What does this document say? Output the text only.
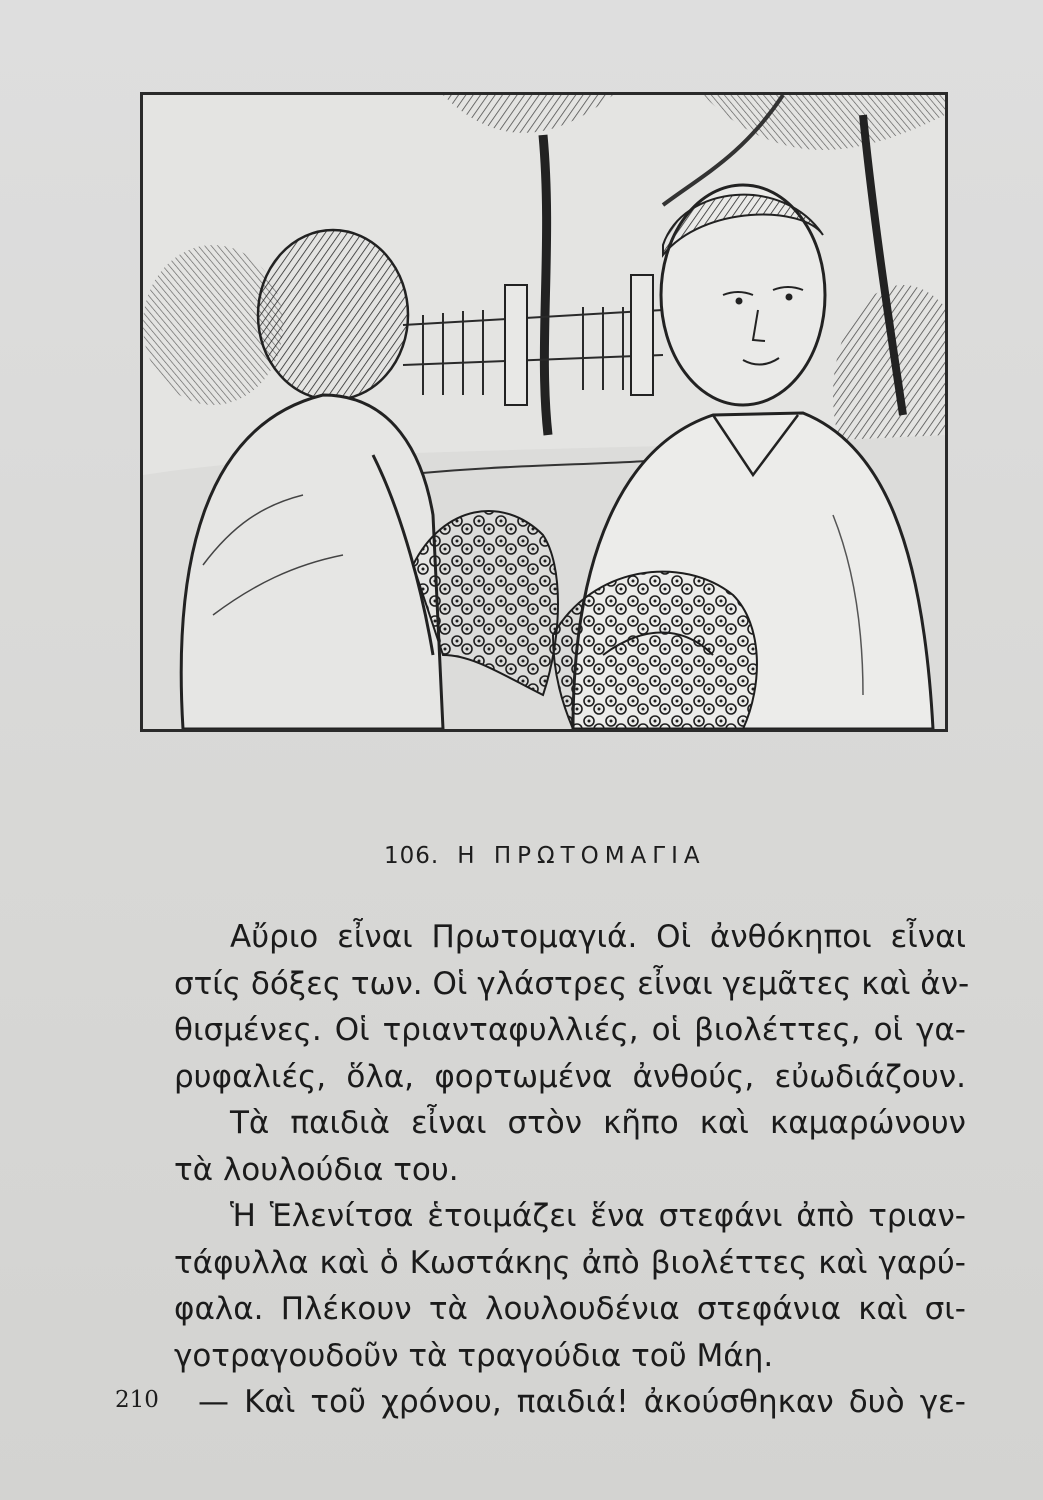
106. Η ΠΡΩΤΟΜΑΓΙΑ
Αὔριο εἶναι Πρωτομαγιά. Οἱ ἀνθόκηποι εἶναι
στίς δόξες των. Οἱ γλάστρες εἶναι γεμᾶτες καὶ ἀν-
θισμένες. Οἱ τριανταφυλλιές, οἱ βιολέττες, οἱ γα-
ρυφαλιές, ὅλα, φορτωμένα ἀνθούς, εὐωδιάζουν.
Τὰ παιδιὰ εἶναι στὸν κῆπο καὶ καμαρώνουν
τὰ λουλούδια του.
Ἡ Ἑλενίτσα ἑτοιμάζει ἕνα στεφάνι ἀπὸ τριαν-
τάφυλλα καὶ ὁ Κωστάκης ἀπὸ βιολέττες καὶ γαρύ-
φαλα. Πλέκουν τὰ λουλουδένια στεφάνια καὶ σι-
γοτραγουδοῦν τὰ τραγούδια τοῦ Μάη.
— Καὶ τοῦ χρόνου, παιδιά! ἀκούσθηκαν δυὸ γε-
210
